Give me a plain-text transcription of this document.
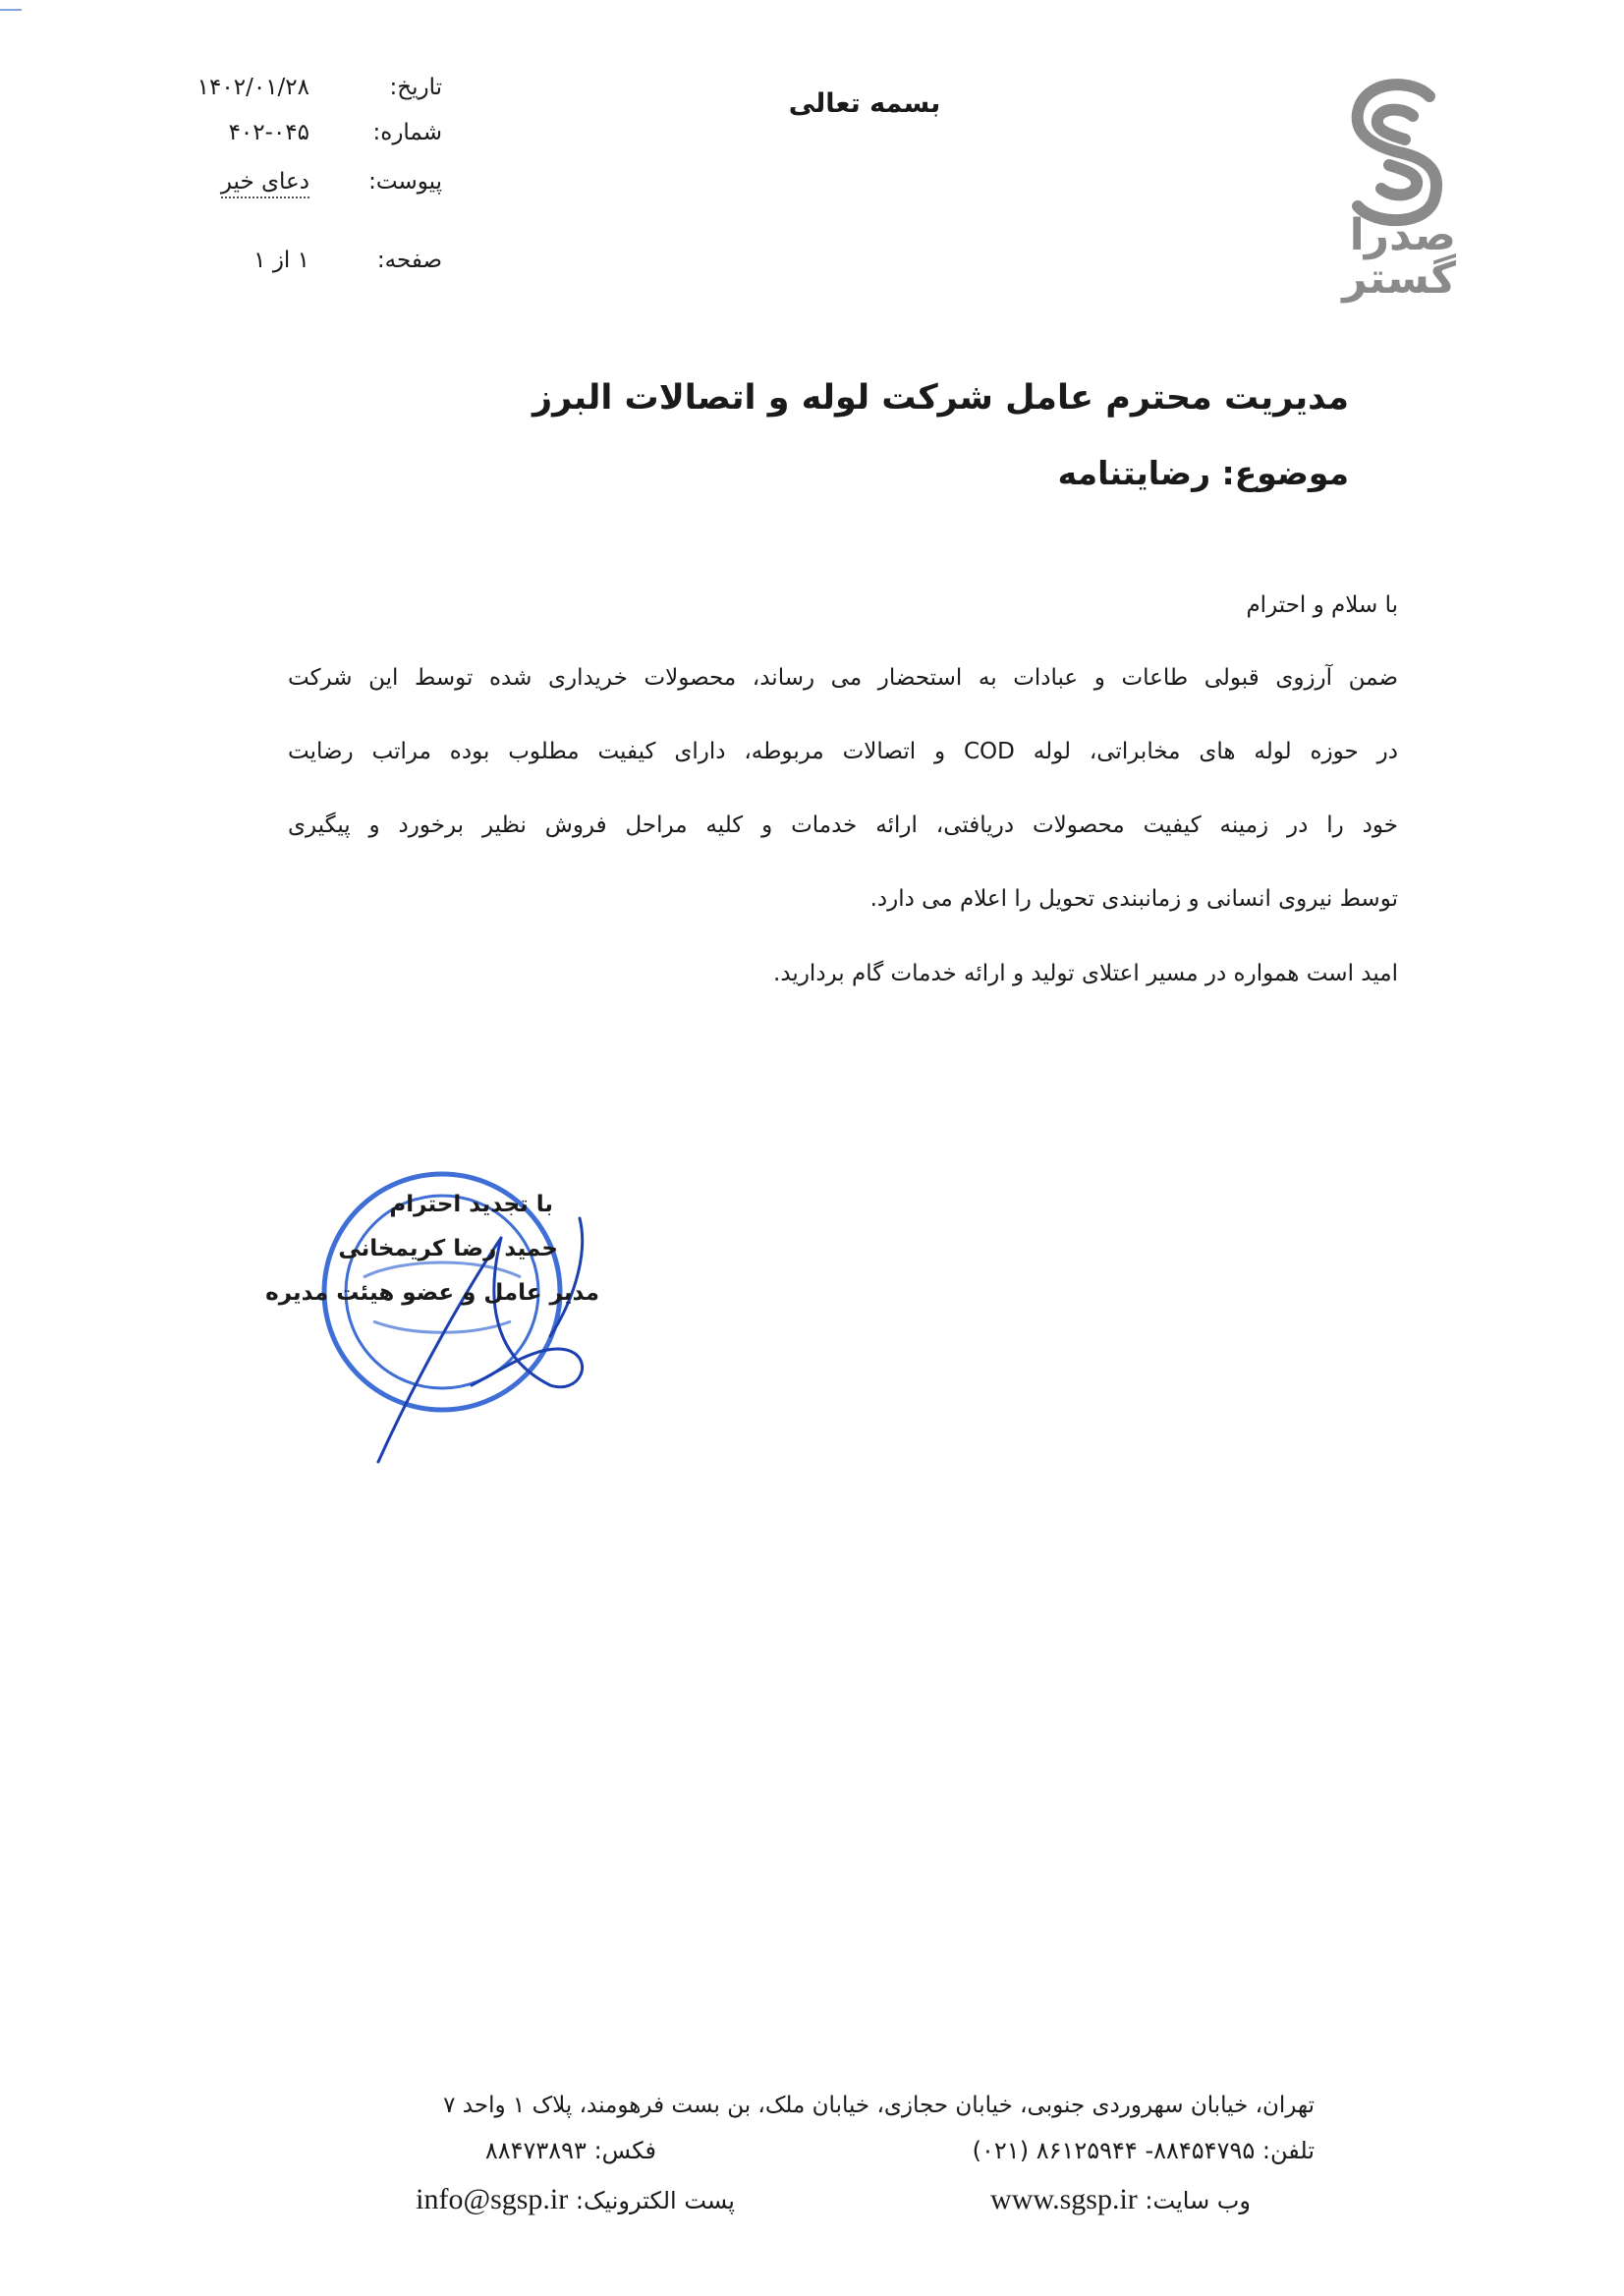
صدرا
گستر
بسمه تعالی
تاریخ:
۱۴۰۲/۰۱/۲۸
شماره:
۴۰۲-۰۴۵
پیوست:
دعای خیر
صفحه:
۱ از ۱
مدیریت محترم عامل شرکت لوله و اتصالات البرز
موضوع: رضایتنامه
با سلام و احترام
ضمن آرزوی قبولی طاعات و عبادات به استحضار می رساند، محصولات خریداری شده توسط این شرکت
در حوزه لوله های مخابراتی، لوله COD و اتصالات مربوطه، دارای کیفیت مطلوب بوده مراتب رضایت
خود را در زمینه کیفیت محصولات دریافتی، ارائه خدمات و کلیه مراحل فروش نظیر برخورد و پیگیری
توسط نیروی انسانی و زمانبندی تحویل را اعلام می دارد.
امید است همواره در مسیر اعتلای تولید و ارائه خدمات گام بردارید.
با تجدید احترام
حمید رضا کریمخانی
مدیر عامل و عضو هیئت مدیره
تهران، خیابان سهروردی جنوبی، خیابان حجازی، خیابان ملک، بن بست فرهومند، پلاک ۱ واحد ۷
تلفن: ۸۸۴۵۴۷۹۵- ۸۶۱۲۵۹۴۴ (۰۲۱)
فکس: ۸۸۴۷۳۸۹۳
وب سایت: www.sgsp.ir
پست الکترونیک: info@sgsp.ir
